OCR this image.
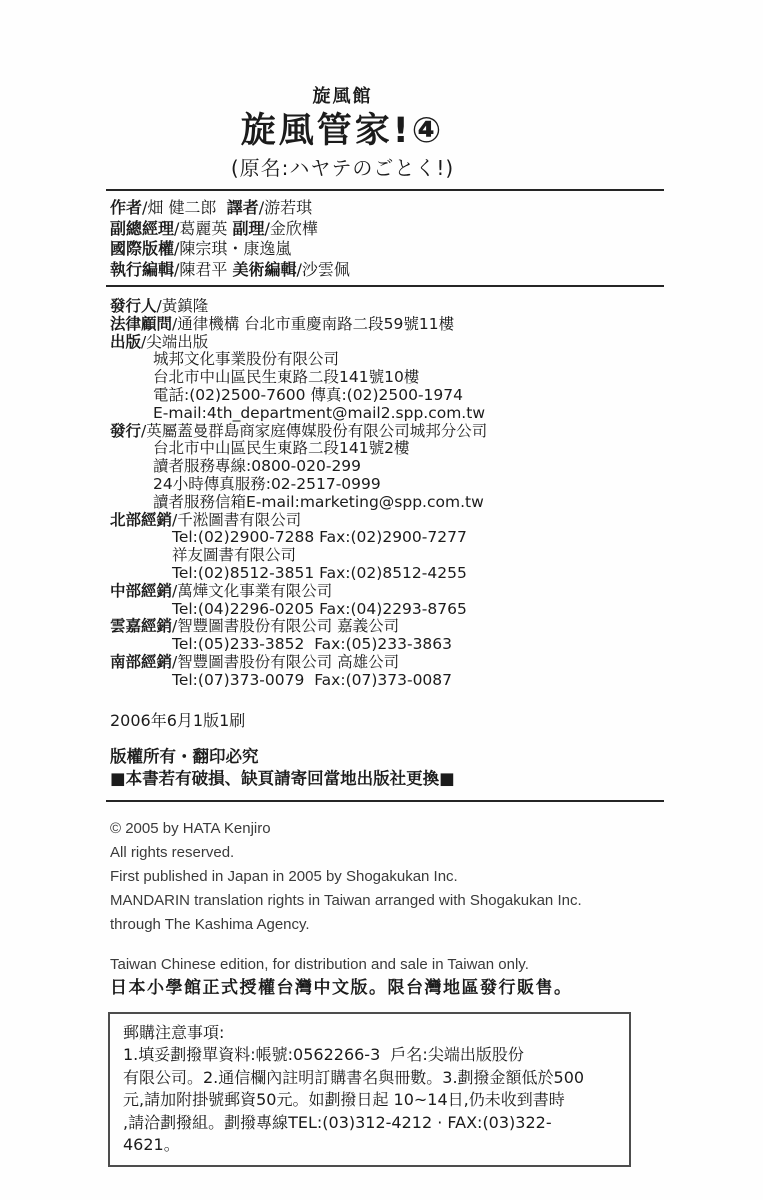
旋風館
旋風管家!④
(原名:ハヤテのごとく!)
作者/畑 健二郎  譯者/游若琪
副總經理/葛麗英 副理/金欣樺
國際版權/陳宗琪・康逸嵐
執行編輯/陳君平 美術編輯/沙雲佩
發行人/黃鎮隆
法律顧問/通律機構 台北市重慶南路二段59號11樓
出版/尖端出版
城邦文化事業股份有限公司
台北市中山區民生東路二段141號10樓
電話:(02)2500-7600 傳真:(02)2500-1974
E-mail:4th_department@mail2.spp.com.tw
發行/英屬蓋曼群島商家庭傳媒股份有限公司城邦分公司
台北市中山區民生東路二段141號2樓
讀者服務專線:0800-020-299
24小時傳真服務:02-2517-0999
讀者服務信箱E-mail:marketing@spp.com.tw
北部經銷/千淞圖書有限公司
Tel:(02)2900-7288 Fax:(02)2900-7277
祥友圖書有限公司
Tel:(02)8512-3851 Fax:(02)8512-4255
中部經銷/萬燁文化事業有限公司
Tel:(04)2296-0205 Fax:(04)2293-8765
雲嘉經銷/智豐圖書股份有限公司 嘉義公司
Tel:(05)233-3852  Fax:(05)233-3863
南部經銷/智豐圖書股份有限公司 高雄公司
Tel:(07)373-0079  Fax:(07)373-0087
2006年6月1版1刷
版權所有・翻印必究
■本書若有破損、缺頁請寄回當地出版社更換■
© 2005 by HATA Kenjiro
All rights reserved.
First published in Japan in 2005 by Shogakukan Inc.
MANDARIN translation rights in Taiwan arranged with Shogakukan Inc.
through The Kashima Agency.
Taiwan Chinese edition, for distribution and sale in Taiwan only.
日本小學館正式授權台灣中文版。限台灣地區發行販售。
郵購注意事項:
1.填妥劃撥單資料:帳號:0562266-3  戶名:尖端出版股份
有限公司。2.通信欄內註明訂購書名與冊數。3.劃撥金額低於500
元,請加附掛號郵資50元。如劃撥日起 10~14日,仍未收到書時
,請洽劃撥組。劃撥專線TEL:(03)312-4212 · FAX:(03)322-
4621。
